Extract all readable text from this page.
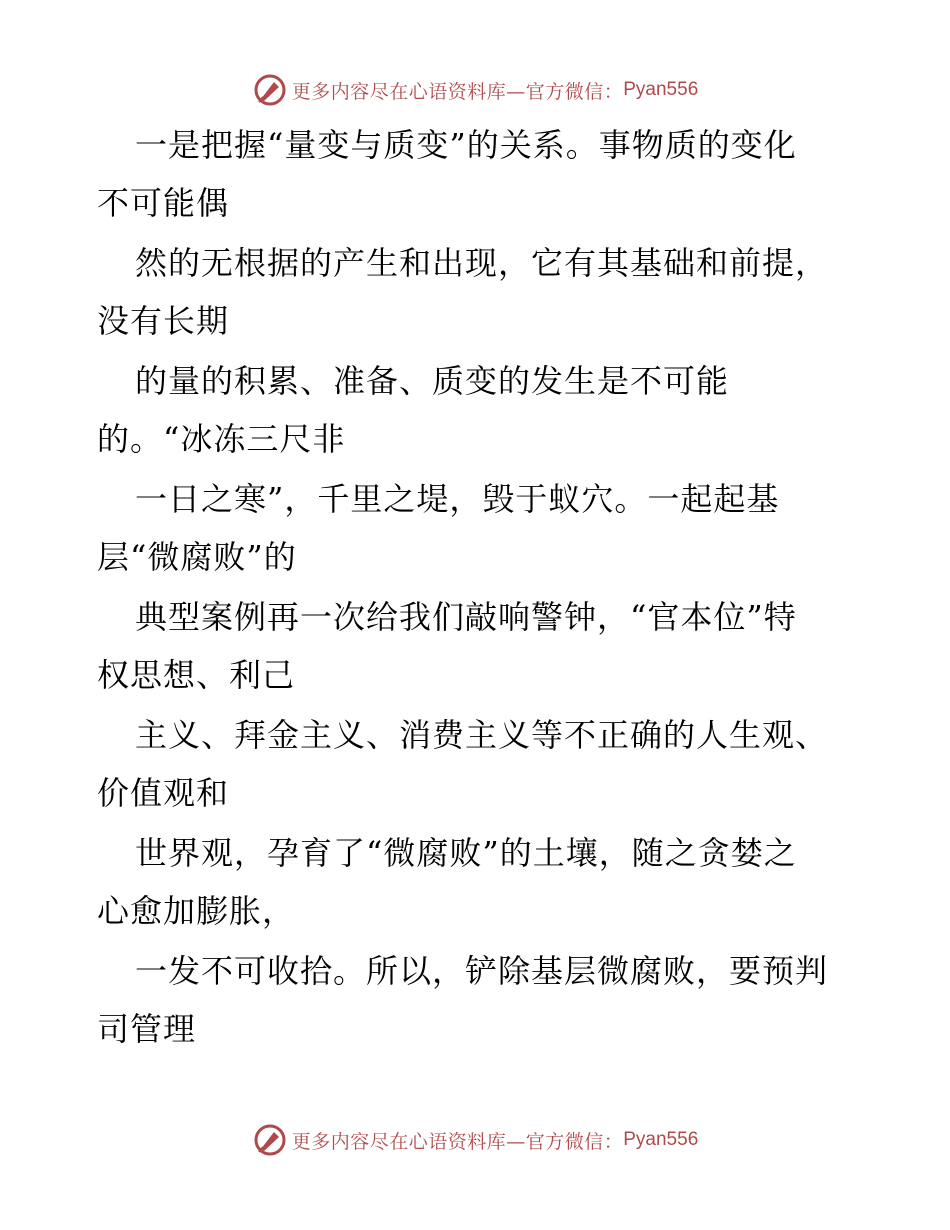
更多内容尽在心语资料库—官方微信： Pyan556
一是把握“量变与质变”的关系。事物质的变化
不可能偶
然的无根据的产生和出现，它有其基础和前提，
没有长期
的量的积累、准备、质变的发生是不可能
的。“冰冻三尺非
一日之寒”，千里之堤，毁于蚁穴。一起起基
层“微腐败”的
典型案例再一次给我们敲响警钟，“官本位”特
权思想、利己
主义、拜金主义、消费主义等不正确的人生观、
价值观和
世界观，孕育了“微腐败”的土壤，随之贪婪之
心愈加膨胀，
一发不可收拾。所以，铲除基层微腐败，要预判
司管理
更多内容尽在心语资料库—官方微信： Pyan556
